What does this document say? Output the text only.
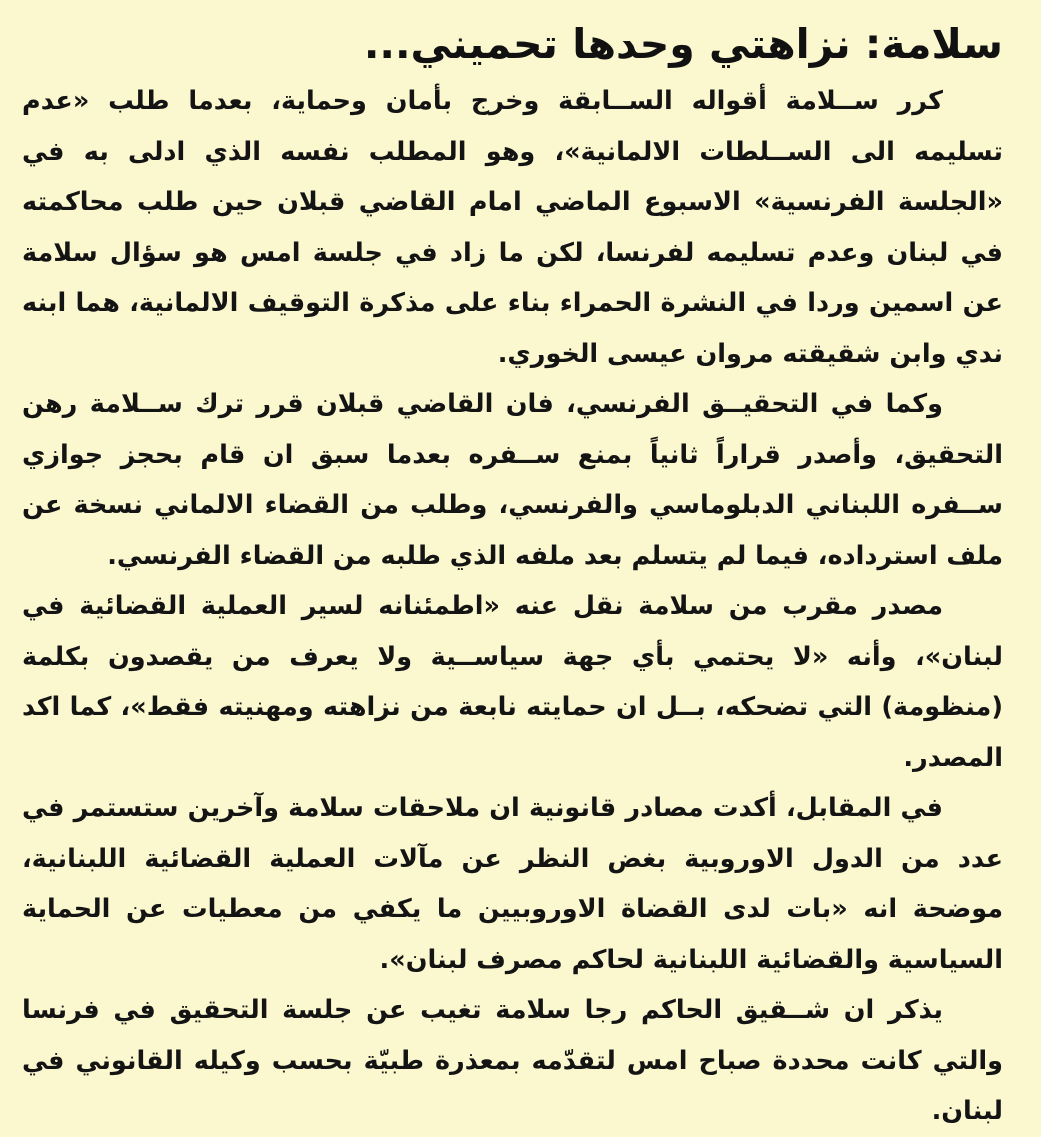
سلامة: نزاهتي وحدها تحميني...

كرر ســلامة أقواله الســابقة وخرج بأمان وحماية، بعدما طلب «عدم تسليمه الى الســلطات الالمانية»، وهو المطلب نفسه الذي ادلى به في «الجلسة الفرنسية» الاسبوع الماضي امام القاضي قبلان حين طلب محاكمته في لبنان وعدم تسليمه لفرنسا، لكن ما زاد في جلسة امس هو سؤال سلامة عن اسمين وردا في النشرة الحمراء بناء على مذكرة التوقيف الالمانية، هما ابنه ندي وابن شقيقته مروان عيسى الخوري.

وكما في التحقيــق الفرنسي، فان القاضي قبلان قرر ترك ســلامة رهن التحقيق، وأصدر قراراً ثانياً بمنع ســفره بعدما سبق ان قام بحجز جوازي ســفره اللبناني الدبلوماسي والفرنسي، وطلب من القضاء الالماني نسخة عن ملف استرداده، فيما لم يتسلم بعد ملفه الذي طلبه من القضاء الفرنسي.

مصدر مقرب من سلامة نقل عنه «اطمئنانه لسير العملية القضائية في لبنان»، وأنه «لا يحتمي بأي جهة سياســية ولا يعرف من يقصدون بكلمة (منظومة) التي تضحكه، بــل ان حمايته نابعة من نزاهته ومهنيته فقط»، كما اكد المصدر.

في المقابل، أكدت مصادر قانونية ان ملاحقات سلامة وآخرين ستستمر في عدد من الدول الاوروبية بغض النظر عن مآلات العملية القضائية اللبنانية، موضحة انه «بات لدى القضاة الاوروبيين ما يكفي من معطيات عن الحماية السياسية والقضائية اللبنانية لحاكم مصرف لبنان».

يذكر ان شــقيق الحاكم رجا سلامة تغيب عن جلسة التحقيق في فرنسا والتي كانت محددة صباح امس لتقدّمه بمعذرة طبيّة بحسب وكيله القانوني في لبنان.
